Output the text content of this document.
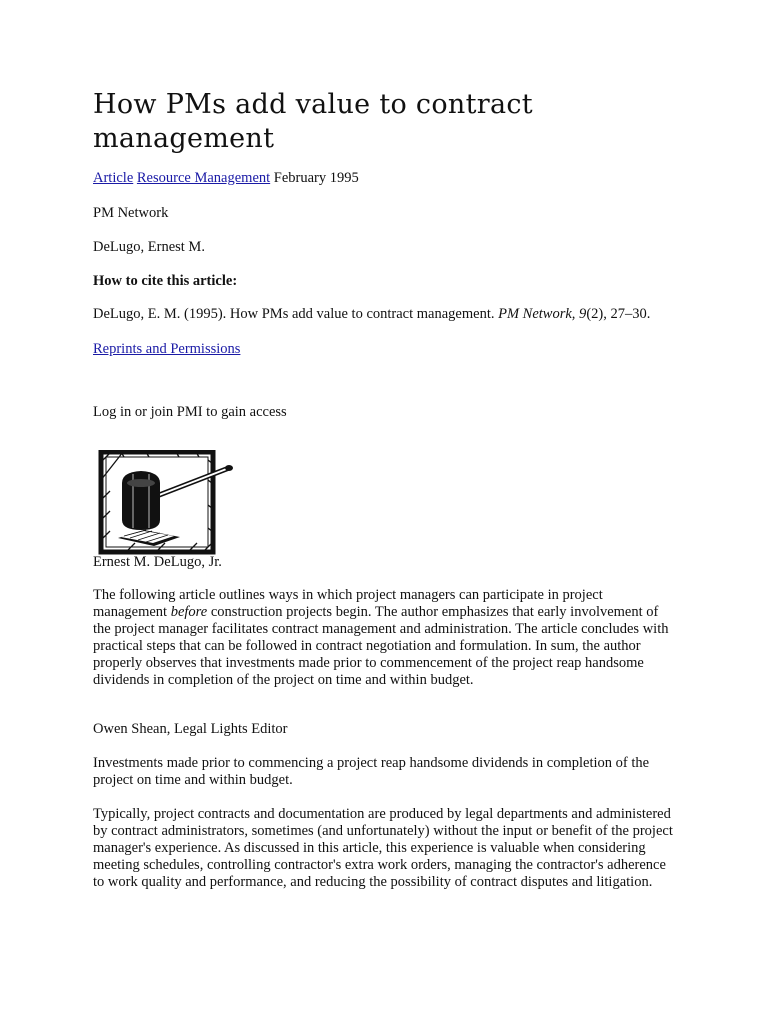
How PMs add value to contract management

Article Resource Management February 1995

PM Network

DeLugo, Ernest M.

How to cite this article:

DeLugo, E. M. (1995). How PMs add value to contract management. PM Network, 9(2), 27–30.

Reprints and Permissions

Log in or join PMI to gain access

Ernest M. DeLugo, Jr.

The following article outlines ways in which project managers can participate in project management before construction projects begin. The author emphasizes that early involvement of the project manager facilitates contract management and administration. The article concludes with practical steps that can be followed in contract negotiation and formulation. In sum, the author properly observes that investments made prior to commencement of the project reap handsome dividends in completion of the project on time and within budget.

Owen Shean, Legal Lights Editor

Investments made prior to commencing a project reap handsome dividends in completion of the project on time and within budget.

Typically, project contracts and documentation are produced by legal departments and administered by contract administrators, sometimes (and unfortunately) without the input or benefit of the project manager's experience. As discussed in this article, this experience is valuable when considering meeting schedules, controlling contractor's extra work orders, managing the contractor's adherence to work quality and performance, and reducing the possibility of contract disputes and litigation.
